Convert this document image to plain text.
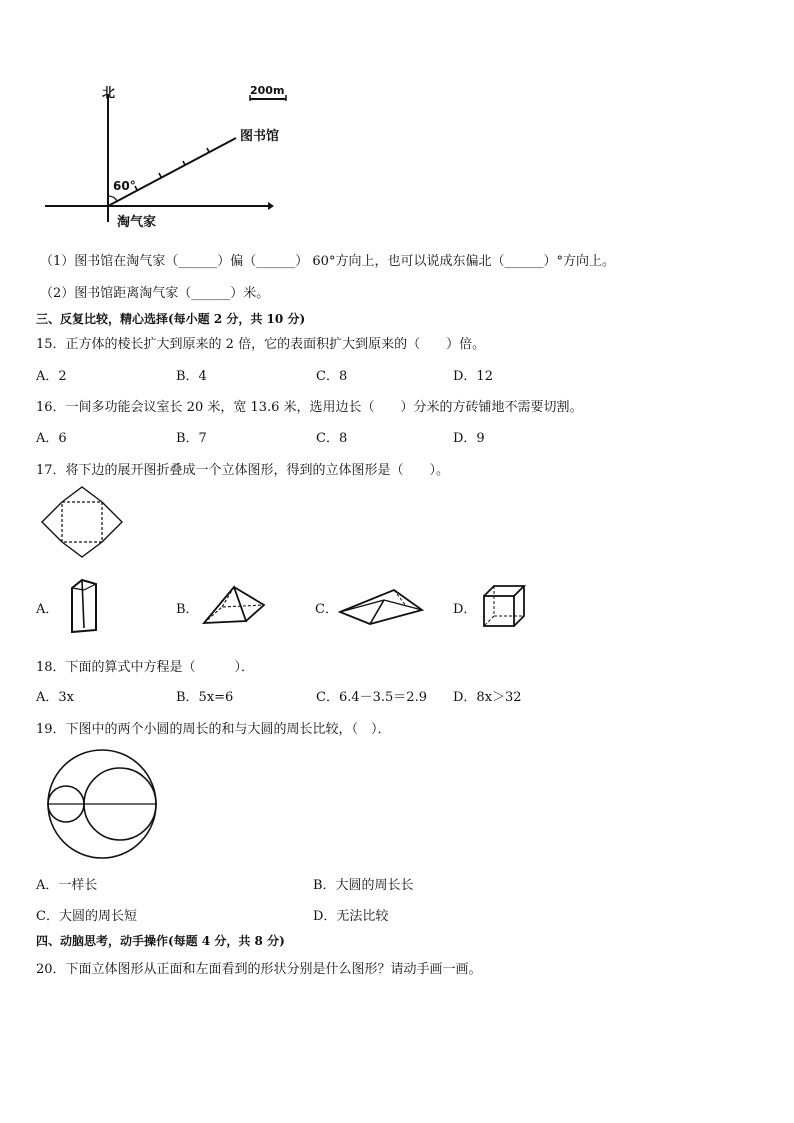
北	200m
图书馆
60°
淘气家
（1）图书馆在淘气家（______）偏（______） 60°方向上，也可以说成东偏北（______）°方向上。
（2）图书馆距离淘气家（______）米。
三、反复比较，精心选择(每小题 2 分，共 10 分)
15．正方体的棱长扩大到原来的 2 倍，它的表面积扩大到原来的（　　）倍。
A．2	B．4	C．8	D．12
16．一间多功能会议室长 20 米，宽 13.6 米，选用边长（　　）分米的方砖铺地不需要切割。
A．6	B．7	C．8	D．9
17．将下边的展开图折叠成一个立体图形，得到的立体图形是（　　）。
A．	B．	C．	D．
18．下面的算式中方程是（　　　）．
A．3x	B．5x=6	C．6.4－3.5＝2.9 D．8x＞32
19．下图中的两个小圆的周长的和与大圆的周长比较，（　）．
A．一样长	B．大圆的周长长
C．大圆的周长短	D．无法比较
四、动脑思考，动手操作(每题 4 分，共 8 分)
20．下面立体图形从正面和左面看到的形状分别是什么图形？请动手画一画。
